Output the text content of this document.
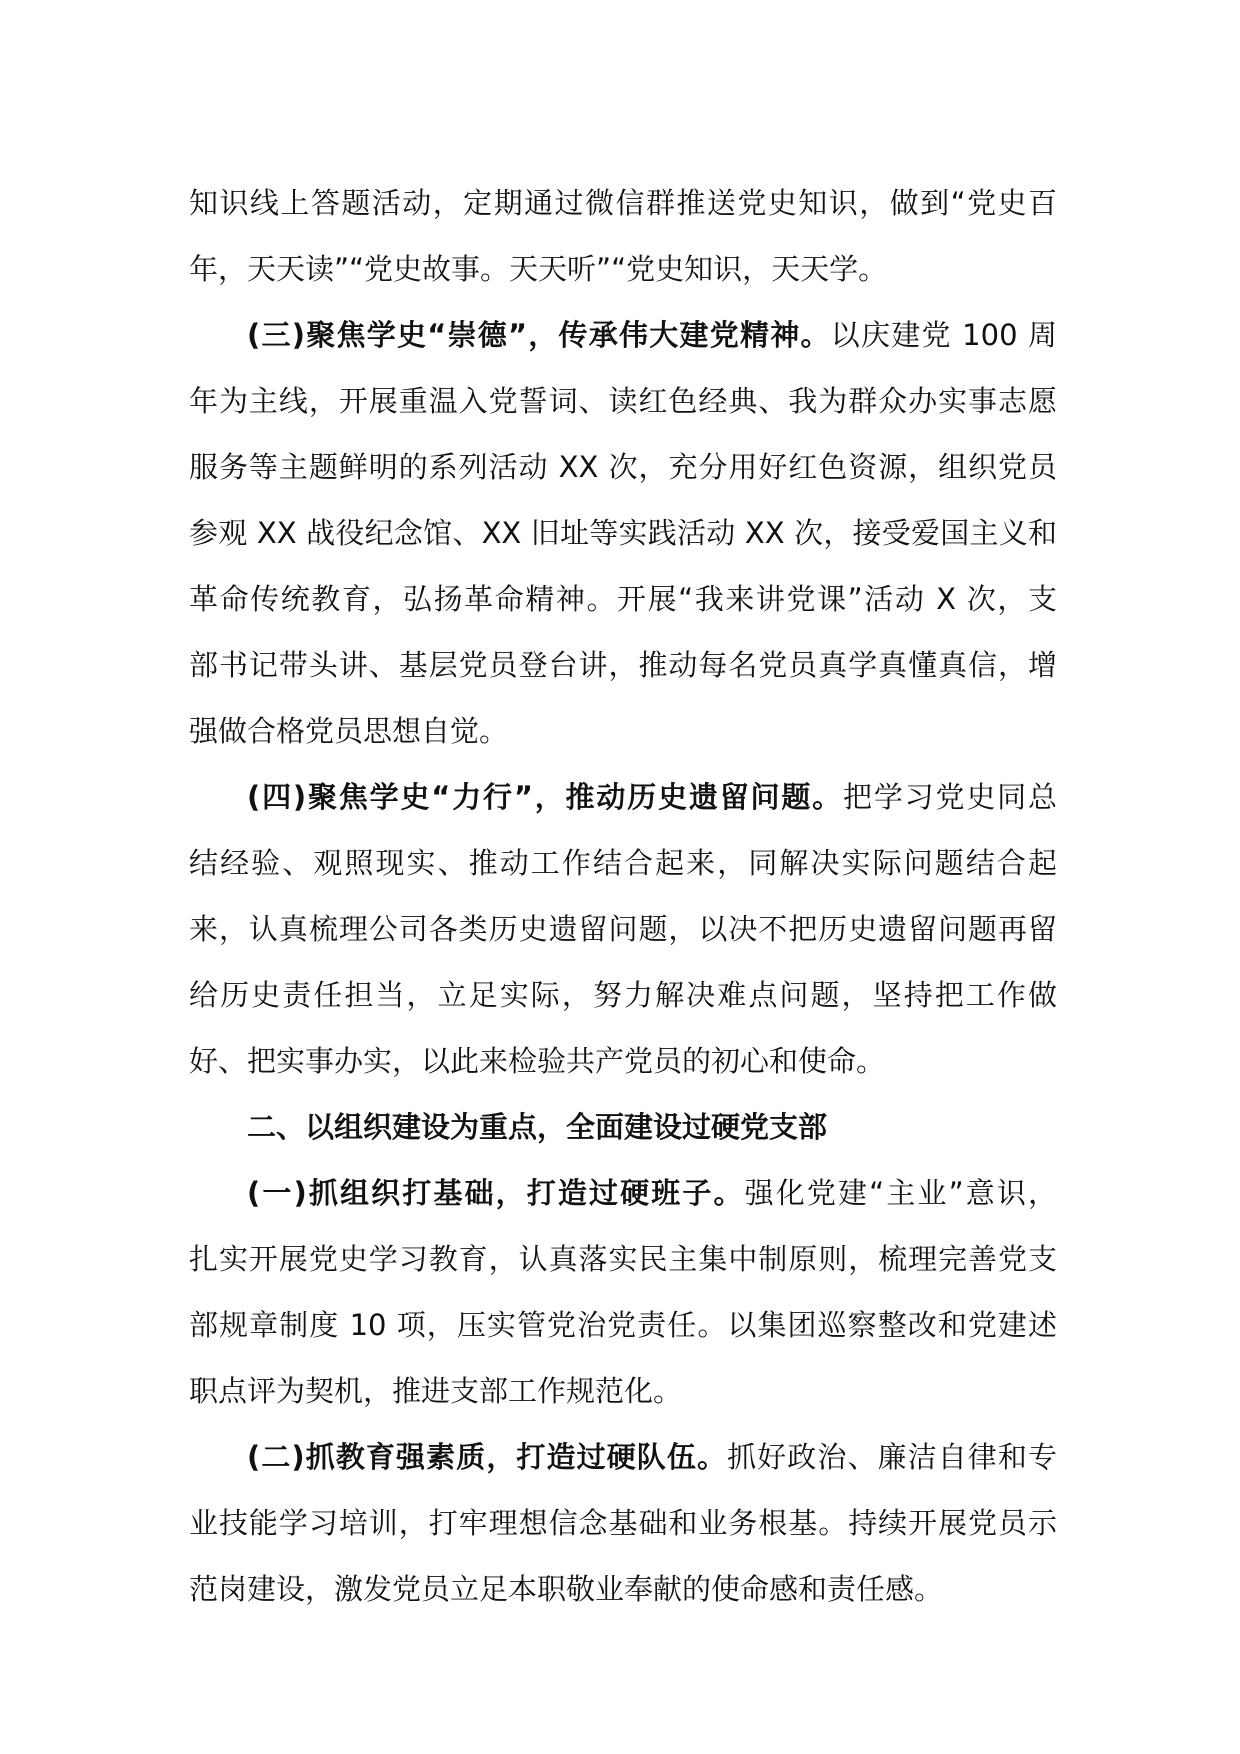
知识线上答题活动，定期通过微信群推送党史知识，做到“党史百
年，天天读”“党史故事。天天听”“党史知识，天天学。
(三)聚焦学史“崇德”，传承伟大建党精神。以庆建党 100 周
年为主线，开展重温入党誓词、读红色经典、我为群众办实事志愿
服务等主题鲜明的系列活动 XX 次，充分用好红色资源，组织党员
参观 XX 战役纪念馆、XX 旧址等实践活动 XX 次，接受爱国主义和
革命传统教育，弘扬革命精神。开展“我来讲党课”活动 X 次，支
部书记带头讲、基层党员登台讲，推动每名党员真学真懂真信，增
强做合格党员思想自觉。
(四)聚焦学史“力行”，推动历史遗留问题。把学习党史同总
结经验、观照现实、推动工作结合起来，同解决实际问题结合起
来，认真梳理公司各类历史遗留问题，以决不把历史遗留问题再留
给历史责任担当，立足实际，努力解决难点问题，坚持把工作做
好、把实事办实，以此来检验共产党员的初心和使命。
二、以组织建设为重点，全面建设过硬党支部
(一)抓组织打基础，打造过硬班子。强化党建“主业”意识，
扎实开展党史学习教育，认真落实民主集中制原则，梳理完善党支
部规章制度 10 项，压实管党治党责任。以集团巡察整改和党建述
职点评为契机，推进支部工作规范化。
(二)抓教育强素质，打造过硬队伍。抓好政治、廉洁自律和专
业技能学习培训，打牢理想信念基础和业务根基。持续开展党员示
范岗建设，激发党员立足本职敬业奉献的使命感和责任感。
